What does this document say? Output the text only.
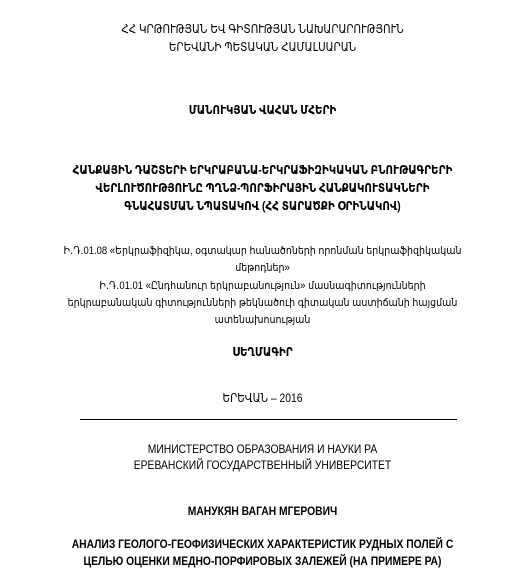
ՀՀ ԿՐԹՈՒԹՅԱՆ ԵՎ ԳԻՏՈՒԹՅԱՆ ՆԱԽԱՐԱՐՈՒԹՅՈՒՆ
ԵՐԵՎԱՆԻ ՊԵՏԱԿԱՆ ՀԱՄԱԼՍԱՐԱՆ
ՄԱՆՈՒԿՅԱՆ ՎԱՀԱՆ ՄՀԵՐԻ
ՀԱՆՔԱՅԻՆ ԴԱՇՏԵՐԻ ԵՐԿՐԱԲԱՆԱ-ԵՐԿՐԱՖԻԶԻԿԱԿԱՆ ԲՆՈՒԹԱԳՐԵՐԻ
ՎԵՐԼՈՒԾՈՒԹՅՈՒՆԸ ՊՂՆՁ-ՊՈՐՖԻՐԱՅԻՆ ՀԱՆՔԱԿՈՒՏԱԿՆԵՐԻ
ԳՆԱՀԱՏՄԱՆ ՆՊԱՏԱԿՈՎ (ՀՀ ՏԱՐԱԾՔԻ ՕՐԻՆԱԿՈՎ)
Ի․Դ․01.08 «Երկրաֆիզիկա, օգտակար հանածոների որոնման երկրաֆիզիկական
մեթոդներ»
Ի․Դ․01.01 «Ընդհանուր երկրաբանություն» մասնագիտությունների
երկրաբանական գիտությունների թեկնածուի գիտական աստիճանի հայցման
ատենախոսության
ՍԵՂՄԱԳԻՐ
ԵՐԵՎԱՆ – 2016
МИНИСТЕРСТВО ОБРАЗОВАНИЯ И НАУКИ РА
ЕРЕВАНСКИЙ ГОСУДАРСТВЕННЫЙ УНИВЕРСИТЕТ
МАНУКЯН ВАГАН МГЕРОВИЧ
АНАЛИЗ ГЕОЛОГО-ГЕОФИЗИЧЕСКИХ ХАРАКТЕРИСТИК РУДНЫХ ПОЛЕЙ С
ЦЕЛЬЮ ОЦЕНКИ МЕДНО-ПОРФИРОВЫХ ЗАЛЕЖЕЙ (НА ПРИМЕРЕ РА)
